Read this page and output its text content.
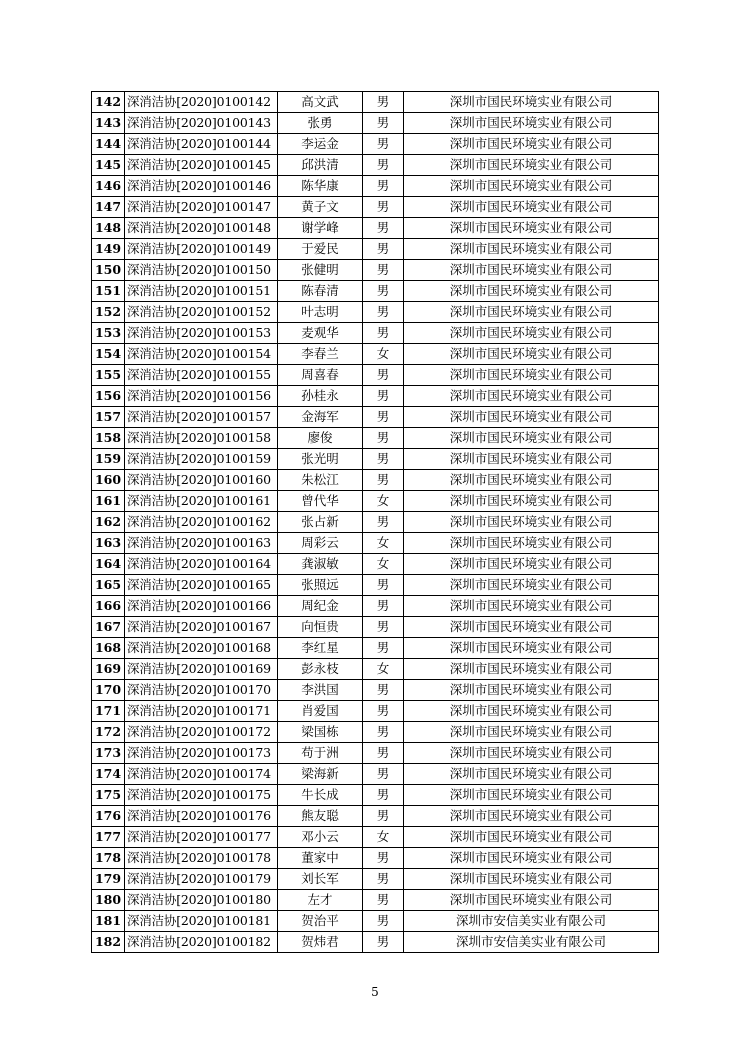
142	深消洁协[2020]0100142	高文武	男	深圳市国民环境实业有限公司
143	深消洁协[2020]0100143	张勇	男	深圳市国民环境实业有限公司
144	深消洁协[2020]0100144	李运金	男	深圳市国民环境实业有限公司
145	深消洁协[2020]0100145	邱洪清	男	深圳市国民环境实业有限公司
146	深消洁协[2020]0100146	陈华康	男	深圳市国民环境实业有限公司
147	深消洁协[2020]0100147	黄子文	男	深圳市国民环境实业有限公司
148	深消洁协[2020]0100148	谢学峰	男	深圳市国民环境实业有限公司
149	深消洁协[2020]0100149	于爱民	男	深圳市国民环境实业有限公司
150	深消洁协[2020]0100150	张健明	男	深圳市国民环境实业有限公司
151	深消洁协[2020]0100151	陈春清	男	深圳市国民环境实业有限公司
152	深消洁协[2020]0100152	叶志明	男	深圳市国民环境实业有限公司
153	深消洁协[2020]0100153	麦观华	男	深圳市国民环境实业有限公司
154	深消洁协[2020]0100154	李春兰	女	深圳市国民环境实业有限公司
155	深消洁协[2020]0100155	周喜春	男	深圳市国民环境实业有限公司
156	深消洁协[2020]0100156	孙桂永	男	深圳市国民环境实业有限公司
157	深消洁协[2020]0100157	金海军	男	深圳市国民环境实业有限公司
158	深消洁协[2020]0100158	廖俊	男	深圳市国民环境实业有限公司
159	深消洁协[2020]0100159	张光明	男	深圳市国民环境实业有限公司
160	深消洁协[2020]0100160	朱松江	男	深圳市国民环境实业有限公司
161	深消洁协[2020]0100161	曾代华	女	深圳市国民环境实业有限公司
162	深消洁协[2020]0100162	张占新	男	深圳市国民环境实业有限公司
163	深消洁协[2020]0100163	周彩云	女	深圳市国民环境实业有限公司
164	深消洁协[2020]0100164	龚淑敏	女	深圳市国民环境实业有限公司
165	深消洁协[2020]0100165	张照远	男	深圳市国民环境实业有限公司
166	深消洁协[2020]0100166	周纪金	男	深圳市国民环境实业有限公司
167	深消洁协[2020]0100167	向恒贵	男	深圳市国民环境实业有限公司
168	深消洁协[2020]0100168	李红星	男	深圳市国民环境实业有限公司
169	深消洁协[2020]0100169	彭永枝	女	深圳市国民环境实业有限公司
170	深消洁协[2020]0100170	李洪国	男	深圳市国民环境实业有限公司
171	深消洁协[2020]0100171	肖爱国	男	深圳市国民环境实业有限公司
172	深消洁协[2020]0100172	梁国栋	男	深圳市国民环境实业有限公司
173	深消洁协[2020]0100173	苟于洲	男	深圳市国民环境实业有限公司
174	深消洁协[2020]0100174	梁海新	男	深圳市国民环境实业有限公司
175	深消洁协[2020]0100175	牛长成	男	深圳市国民环境实业有限公司
176	深消洁协[2020]0100176	熊友聪	男	深圳市国民环境实业有限公司
177	深消洁协[2020]0100177	邓小云	女	深圳市国民环境实业有限公司
178	深消洁协[2020]0100178	董家中	男	深圳市国民环境实业有限公司
179	深消洁协[2020]0100179	刘长军	男	深圳市国民环境实业有限公司
180	深消洁协[2020]0100180	左才	男	深圳市国民环境实业有限公司
181	深消洁协[2020]0100181	贺治平	男	深圳市安信美实业有限公司
182	深消洁协[2020]0100182	贺炜君	男	深圳市安信美实业有限公司
5
